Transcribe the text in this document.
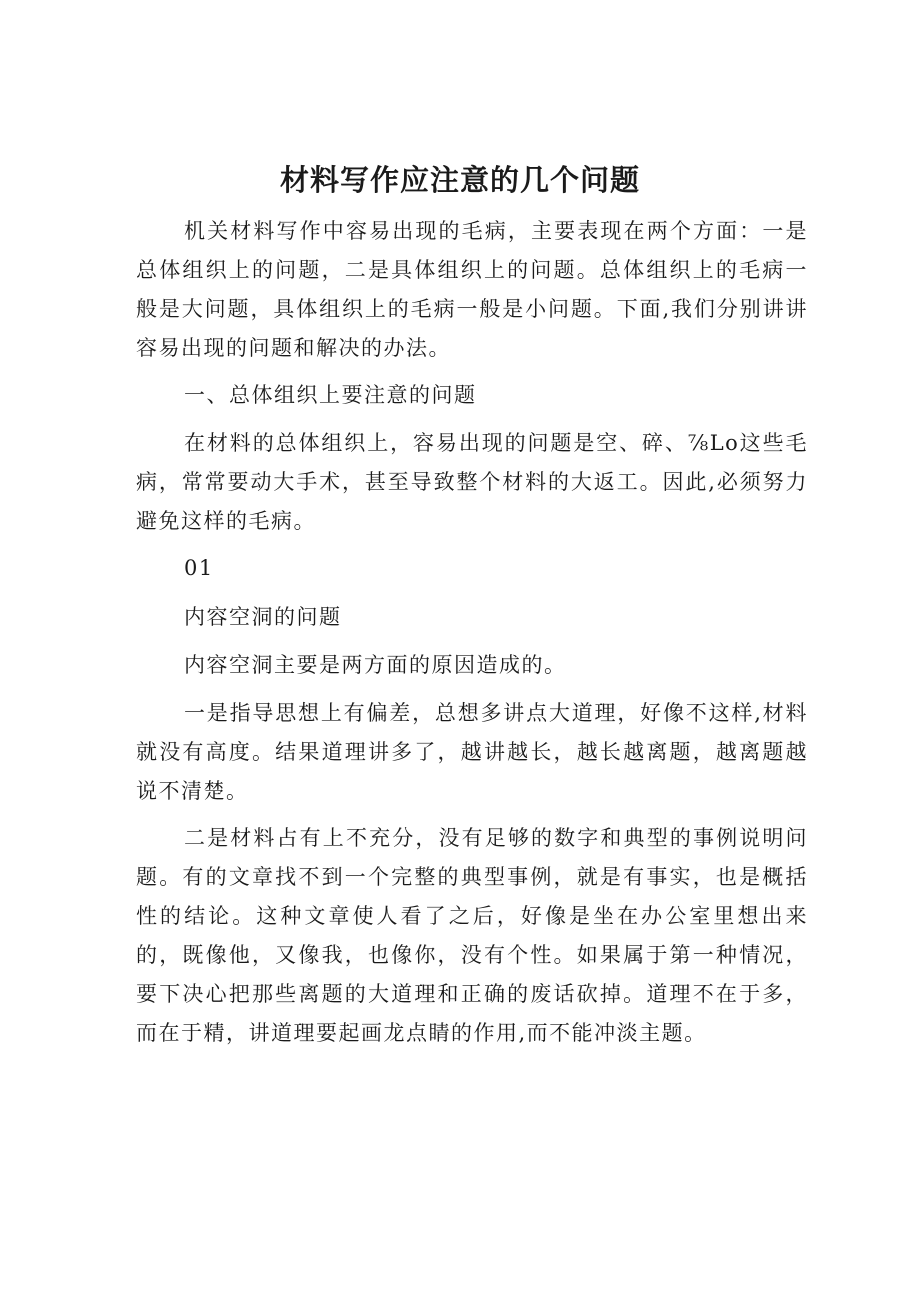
材料写作应注意的几个问题

机关材料写作中容易出现的毛病，主要表现在两个方面：一是总体组织上的问题，二是具体组织上的问题。总体组织上的毛病一般是大问题，具体组织上的毛病一般是小问题。下面,我们分别讲讲容易出现的问题和解决的办法。

一、总体组织上要注意的问题

在材料的总体组织上，容易出现的问题是空、碎、⅞Lo这些毛病，常常要动大手术，甚至导致整个材料的大返工。因此,必须努力避免这样的毛病。

01

内容空洞的问题

内容空洞主要是两方面的原因造成的。

一是指导思想上有偏差，总想多讲点大道理，好像不这样,材料就没有高度。结果道理讲多了，越讲越长，越长越离题，越离题越说不清楚。

二是材料占有上不充分，没有足够的数字和典型的事例说明问题。有的文章找不到一个完整的典型事例，就是有事实，也是概括性的结论。这种文章使人看了之后，好像是坐在办公室里想出来的，既像他，又像我，也像你，没有个性。如果属于第一种情况，要下决心把那些离题的大道理和正确的废话砍掉。道理不在于多，而在于精，讲道理要起画龙点睛的作用,而不能冲淡主题。
